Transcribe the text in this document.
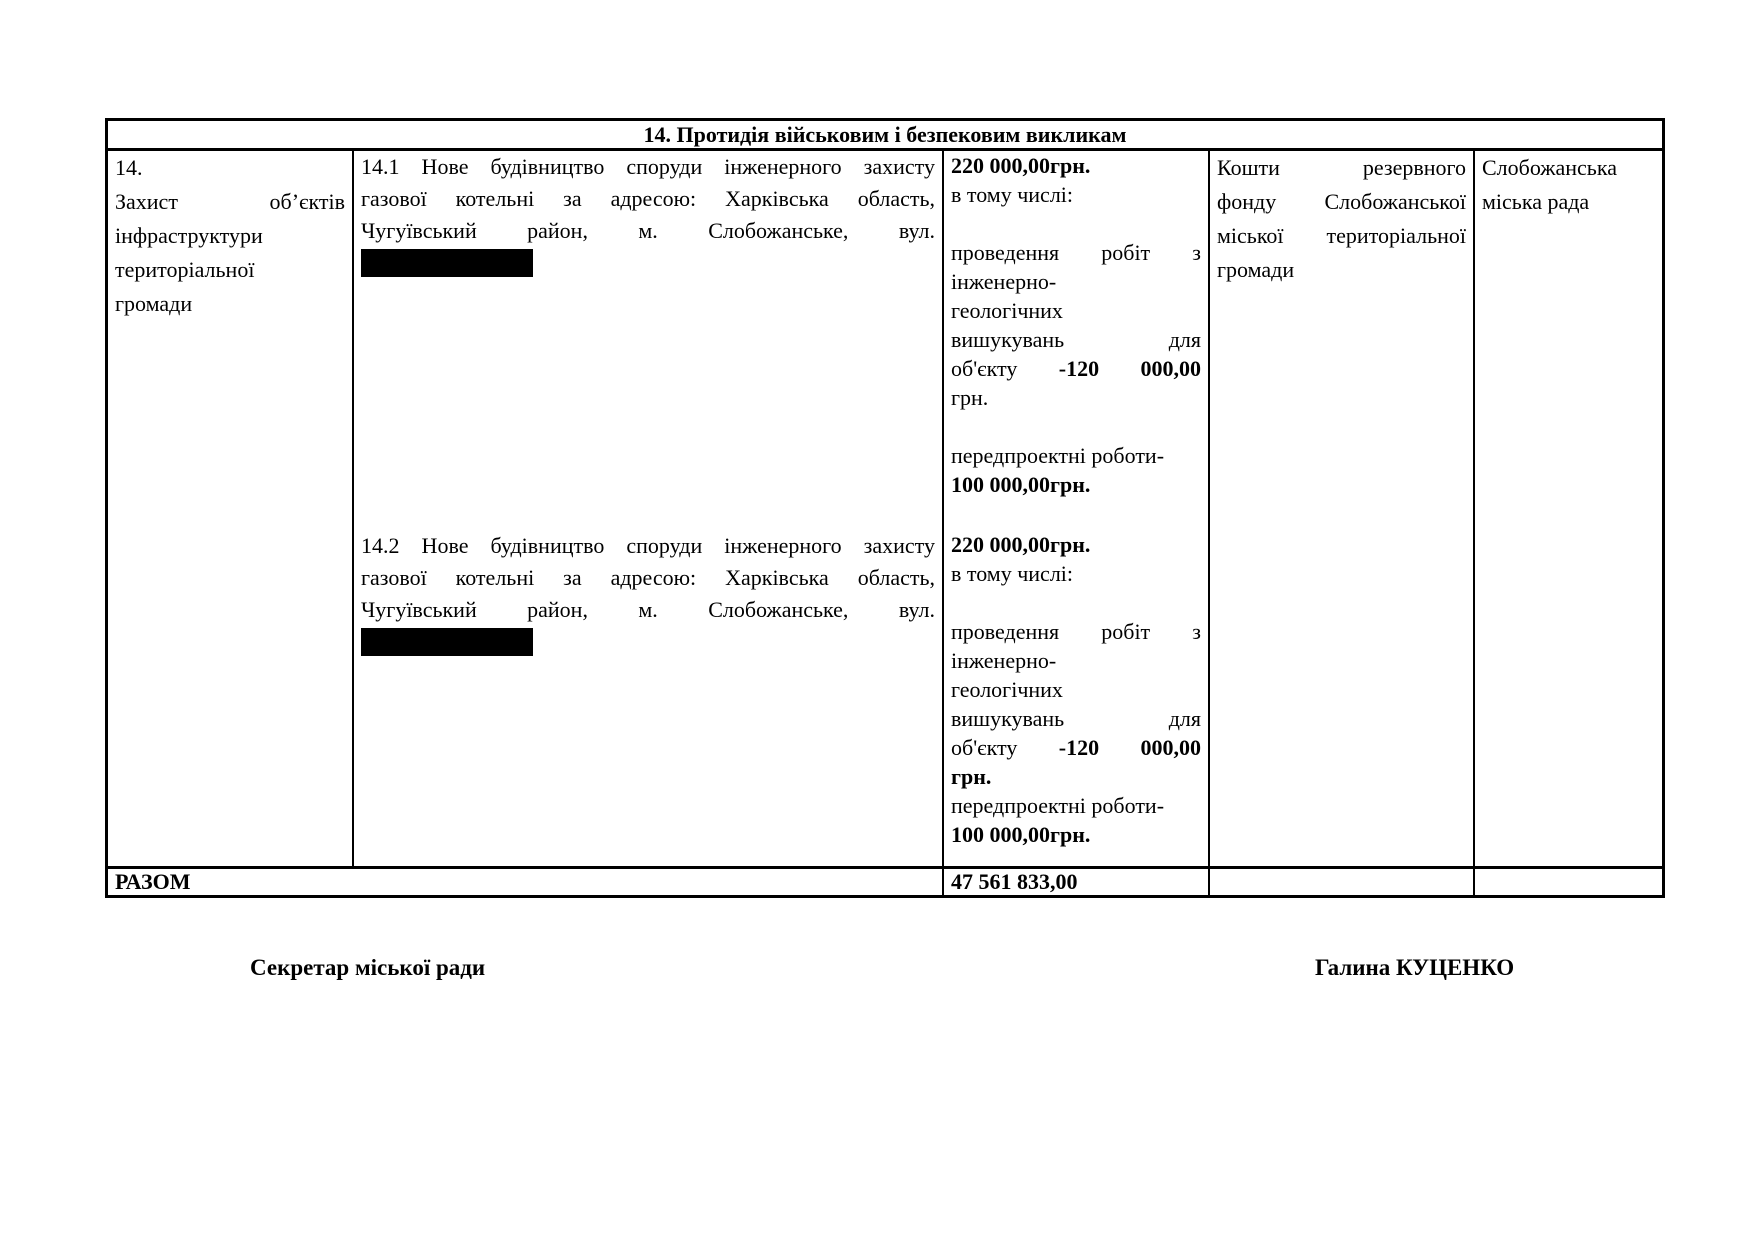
14. Протидія військовим і безпековим викликам
14.
Захист об’єктів
інфраструктури
територіальної
громади
14.1 Нове будівництво споруди інженерного захисту
газової котельні за адресою: Харківська область,
Чугуївський район, м. Слобожанське, вул.
14.2 Нове будівництво споруди інженерного захисту
газової котельні за адресою: Харківська область,
Чугуївський район, м. Слобожанське, вул.
220 000,00грн.
в тому числі:
проведення робіт з
інженерно-
геологічних
вишукувань для
об'єкту -120 000,00
грн.
передпроектні роботи-
100 000,00грн.
220 000,00грн.
в тому числі:
проведення робіт з
інженерно-
геологічних
вишукувань для
об'єкту -120 000,00
грн.
передпроектні роботи-
100 000,00грн.
Кошти резервного
фонду Слобожанської
міської територіальної
громади
Слобожанська
міська рада
РАЗОМ	47 561 833,00
Секретар міської ради	Галина КУЦЕНКО
